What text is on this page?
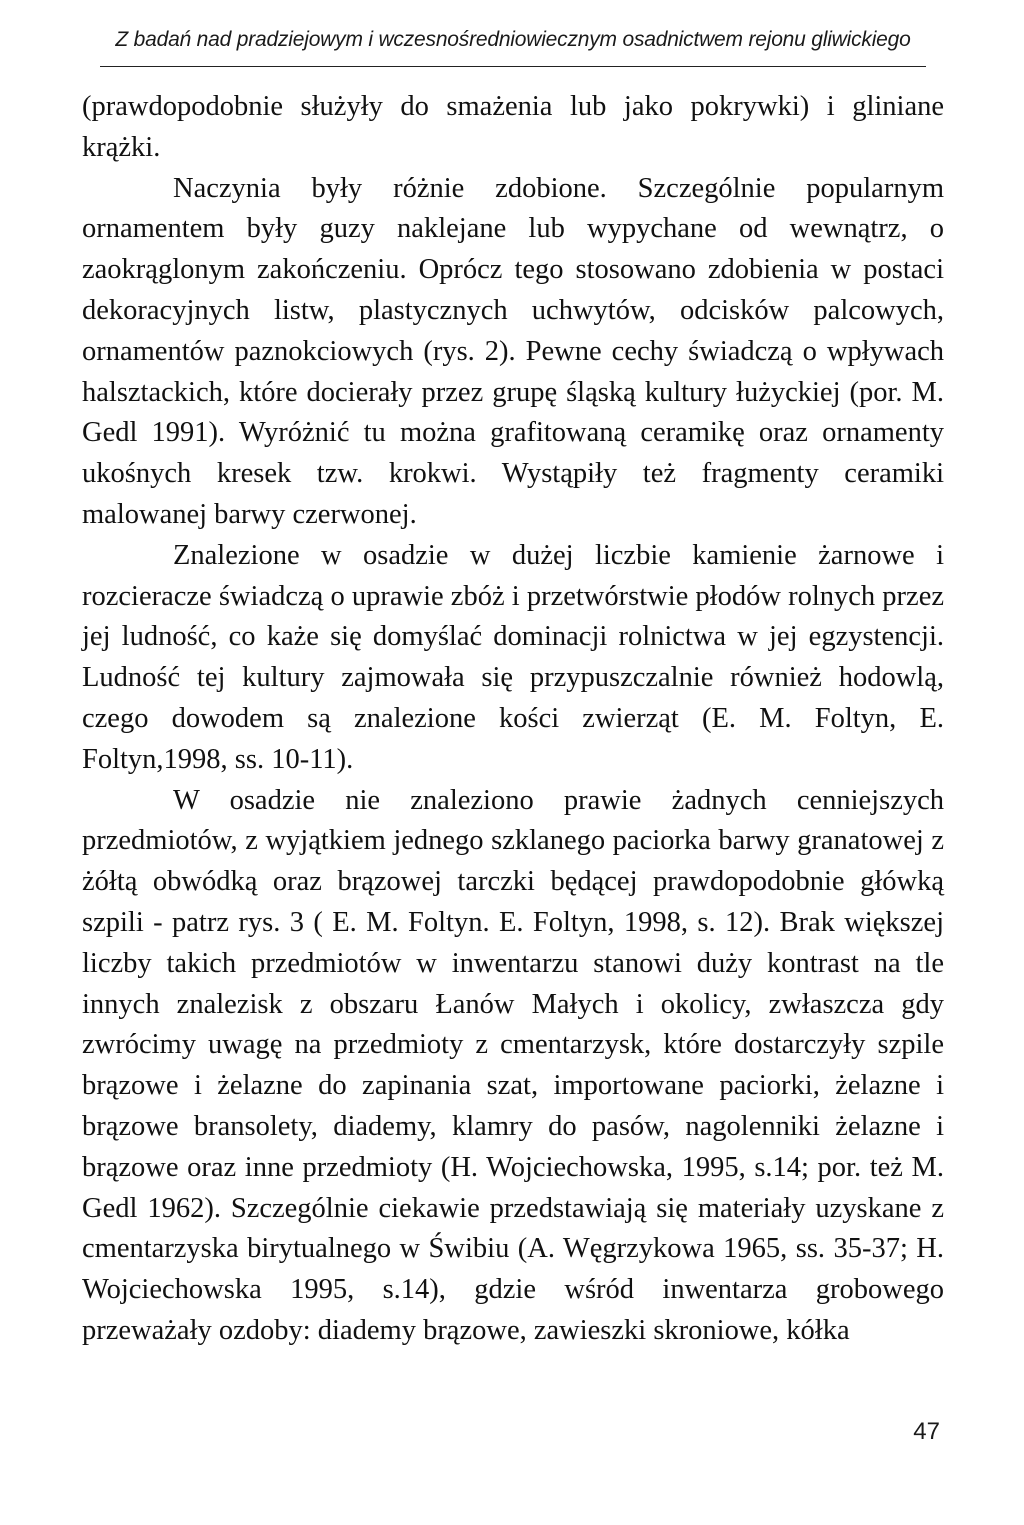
Z badań nad pradziejowym i wczesnośredniowiecznym osadnictwem rejonu gliwickiego

(prawdopodobnie służyły do smażenia lub jako pokrywki) i gliniane krążki.

Naczynia były różnie zdobione. Szczególnie popularnym ornamentem były guzy naklejane lub wypychane od wewnątrz, o zaokrąglonym zakończeniu. Oprócz tego stosowano zdobienia w postaci dekoracyjnych listw, plastycznych uchwytów, odcisków palcowych, ornamentów paznokciowych (rys. 2). Pewne cechy świadczą o wpływach halsztackich, które docierały przez grupę śląską kultury łużyckiej (por. M. Gedl 1991). Wyróżnić tu można grafitowaną ceramikę oraz ornamenty ukośnych kresek tzw. krokwi. Wystąpiły też fragmenty ceramiki malowanej barwy czerwonej.

Znalezione w osadzie w dużej liczbie kamienie żarnowe i rozcieracze świadczą o uprawie zbóż i przetwórstwie płodów rolnych przez jej ludność, co każe się domyślać dominacji rolnictwa w jej egzystencji. Ludność tej kultury zajmowała się przypuszczalnie również hodowlą, czego dowodem są znalezione kości zwierząt (E. M. Foltyn, E. Foltyn,1998, ss. 10-11).

W osadzie nie znaleziono prawie żadnych cenniejszych przedmiotów, z wyjątkiem jednego szklanego paciorka barwy granatowej z żółtą obwódką oraz brązowej tarczki będącej prawdopodobnie główką szpili - patrz rys. 3 ( E. M. Foltyn. E. Foltyn, 1998, s. 12). Brak większej liczby takich przedmiotów w inwentarzu stanowi duży kontrast na tle innych znalezisk z obszaru Łanów Małych i okolicy, zwłaszcza gdy zwrócimy uwagę na przedmioty z cmentarzysk, które dostarczyły szpile brązowe i żelazne do zapinania szat, importowane paciorki, żelazne i brązowe bransolety, diademy, klamry do pasów, nagolenniki żelazne i brązowe oraz inne przedmioty (H. Wojciechowska, 1995, s.14; por. też M. Gedl 1962). Szczególnie ciekawie przedstawiają się materiały uzyskane z cmentarzyska birytualnego w Świbiu (A. Węgrzykowa 1965, ss. 35-37; H. Wojciechowska 1995, s.14), gdzie wśród inwentarza grobowego przeważały ozdoby: diademy brązowe, zawieszki skroniowe, kółka

47
